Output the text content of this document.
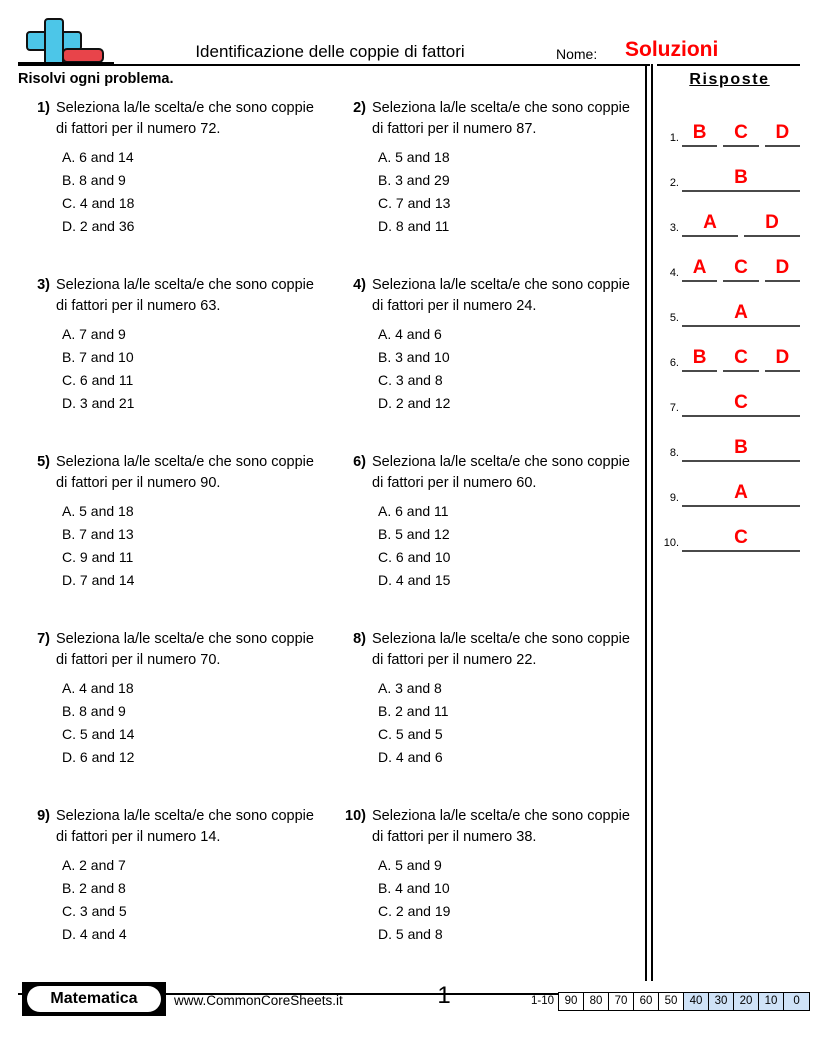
Identificazione delle coppie di fattori	Nome: Soluzioni
Risolvi ogni problema.
1) Seleziona la/le scelta/e che sono coppie di fattori per il numero 72.
A. 6 and 14
B. 8 and 9
C. 4 and 18
D. 2 and 36
2) Seleziona la/le scelta/e che sono coppie di fattori per il numero 87.
A. 5 and 18
B. 3 and 29
C. 7 and 13
D. 8 and 11
3) Seleziona la/le scelta/e che sono coppie di fattori per il numero 63.
A. 7 and 9
B. 7 and 10
C. 6 and 11
D. 3 and 21
4) Seleziona la/le scelta/e che sono coppie di fattori per il numero 24.
A. 4 and 6
B. 3 and 10
C. 3 and 8
D. 2 and 12
5) Seleziona la/le scelta/e che sono coppie di fattori per il numero 90.
A. 5 and 18
B. 7 and 13
C. 9 and 11
D. 7 and 14
6) Seleziona la/le scelta/e che sono coppie di fattori per il numero 60.
A. 6 and 11
B. 5 and 12
C. 6 and 10
D. 4 and 15
7) Seleziona la/le scelta/e che sono coppie di fattori per il numero 70.
A. 4 and 18
B. 8 and 9
C. 5 and 14
D. 6 and 12
8) Seleziona la/le scelta/e che sono coppie di fattori per il numero 22.
A. 3 and 8
B. 2 and 11
C. 5 and 5
D. 4 and 6
9) Seleziona la/le scelta/e che sono coppie di fattori per il numero 14.
A. 2 and 7
B. 2 and 8
C. 3 and 5
D. 4 and 4
10) Seleziona la/le scelta/e che sono coppie di fattori per il numero 38.
A. 5 and 9
B. 4 and 10
C. 2 and 19
D. 5 and 8
Risposte
1. B	C	D
2.	B
3.	A	D
4. A	C	D
5.	A
6. B	C	D
7.	C
8.	B
9.	A
10.	C
Matematica	www.CommonCoreSheets.it	1	1-10 90	80	70	60	50	40	30	20	10	0
